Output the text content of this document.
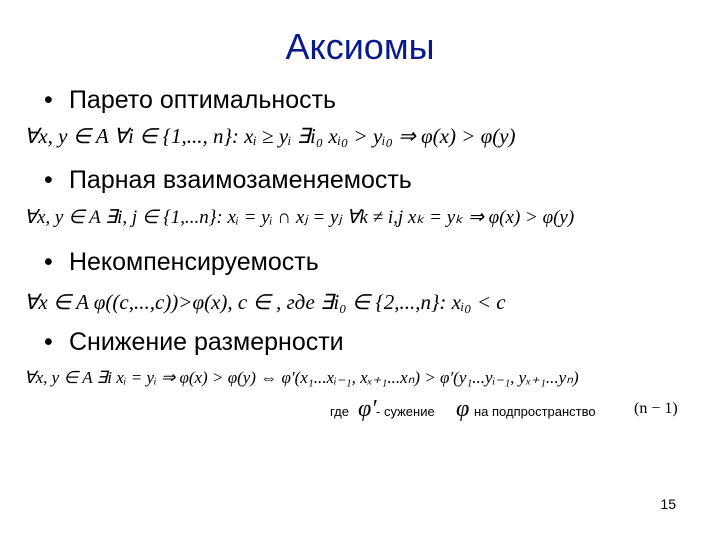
Аксиомы
• Парето оптимальность
∀x, y ∈ A ∀i ∈ {1,..., n}: xᵢ ≥ yᵢ ∃i₀ xᵢ₀ > yᵢ₀ ⇒ φ(x) > φ(y)
• Парная взаимозаменяемость
∀x, y ∈ A ∃i, j ∈ {1,...n}: xᵢ = yᵢ ∩ xⱼ = yⱼ ∀k ≠ i,j xₖ = yₖ ⇒ φ(x) > φ(y)
• Некомпенсируемость
∀x ∈ A φ((c,...,c))>φ(x), c ∈ , где ∃i₀ ∈ {2,...,n}: xᵢ₀ < c
• Снижение размерности
∀x, y ∈ A ∃i xᵢ = yᵢ ⇒ φ(x) > φ(y) ⇔ φ′(x₁...xᵢ₋₁, xₓ₊₁...xₙ) > φ′(y₁...yᵢ₋₁, yₓ₊₁...yₙ)
где φ′ - сужение φ на подпространство (n − 1)
15
